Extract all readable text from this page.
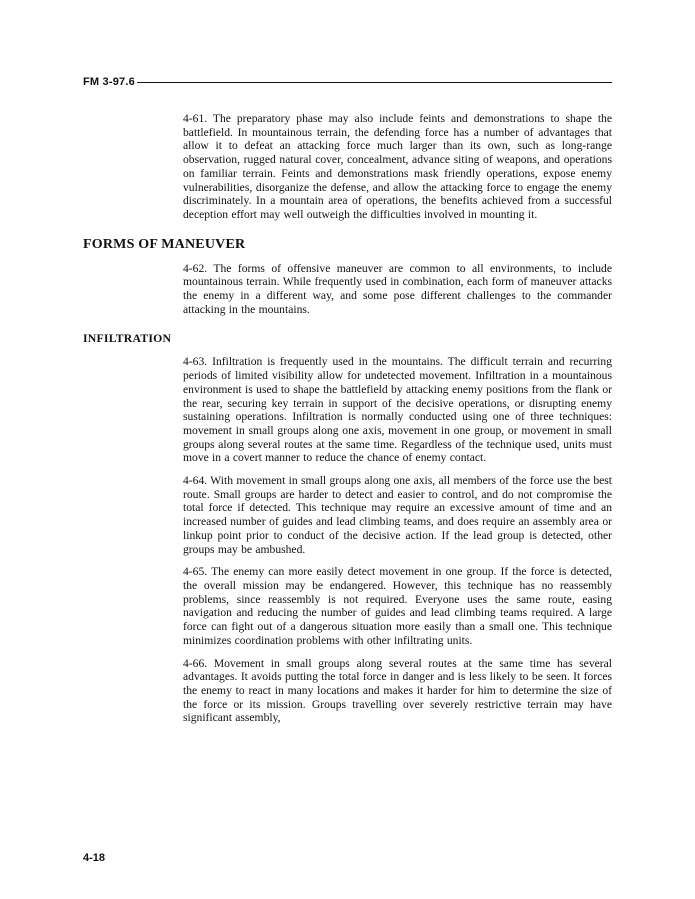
FM 3-97.6

4-61. The preparatory phase may also include feints and demonstrations to shape the battlefield. In mountainous terrain, the defending force has a number of advantages that allow it to defeat an attacking force much larger than its own, such as long-range observation, rugged natural cover, concealment, advance siting of weapons, and operations on familiar terrain. Feints and demonstrations mask friendly operations, expose enemy vulnerabilities, disorganize the defense, and allow the attacking force to engage the enemy discriminately. In a mountain area of operations, the benefits achieved from a successful deception effort may well outweigh the difficulties involved in mounting it.

FORMS OF MANEUVER

4-62. The forms of offensive maneuver are common to all environments, to include mountainous terrain. While frequently used in combination, each form of maneuver attacks the enemy in a different way, and some pose different challenges to the commander attacking in the mountains.

INFILTRATION

4-63. Infiltration is frequently used in the mountains. The difficult terrain and recurring periods of limited visibility allow for undetected movement. Infiltration in a mountainous environment is used to shape the battlefield by attacking enemy positions from the flank or the rear, securing key terrain in support of the decisive operations, or disrupting enemy sustaining operations. Infiltration is normally conducted using one of three techniques: movement in small groups along one axis, movement in one group, or movement in small groups along several routes at the same time. Regardless of the technique used, units must move in a covert manner to reduce the chance of enemy contact.

4-64. With movement in small groups along one axis, all members of the force use the best route. Small groups are harder to detect and easier to control, and do not compromise the total force if detected. This technique may require an excessive amount of time and an increased number of guides and lead climbing teams, and does require an assembly area or linkup point prior to conduct of the decisive action. If the lead group is detected, other groups may be ambushed.

4-65. The enemy can more easily detect movement in one group. If the force is detected, the overall mission may be endangered. However, this technique has no reassembly problems, since reassembly is not required. Everyone uses the same route, easing navigation and reducing the number of guides and lead climbing teams required. A large force can fight out of a dangerous situation more easily than a small one. This technique minimizes coordination problems with other infiltrating units.

4-66. Movement in small groups along several routes at the same time has several advantages. It avoids putting the total force in danger and is less likely to be seen. It forces the enemy to react in many locations and makes it harder for him to determine the size of the force or its mission. Groups travelling over severely restrictive terrain may have significant assembly,

4-18
